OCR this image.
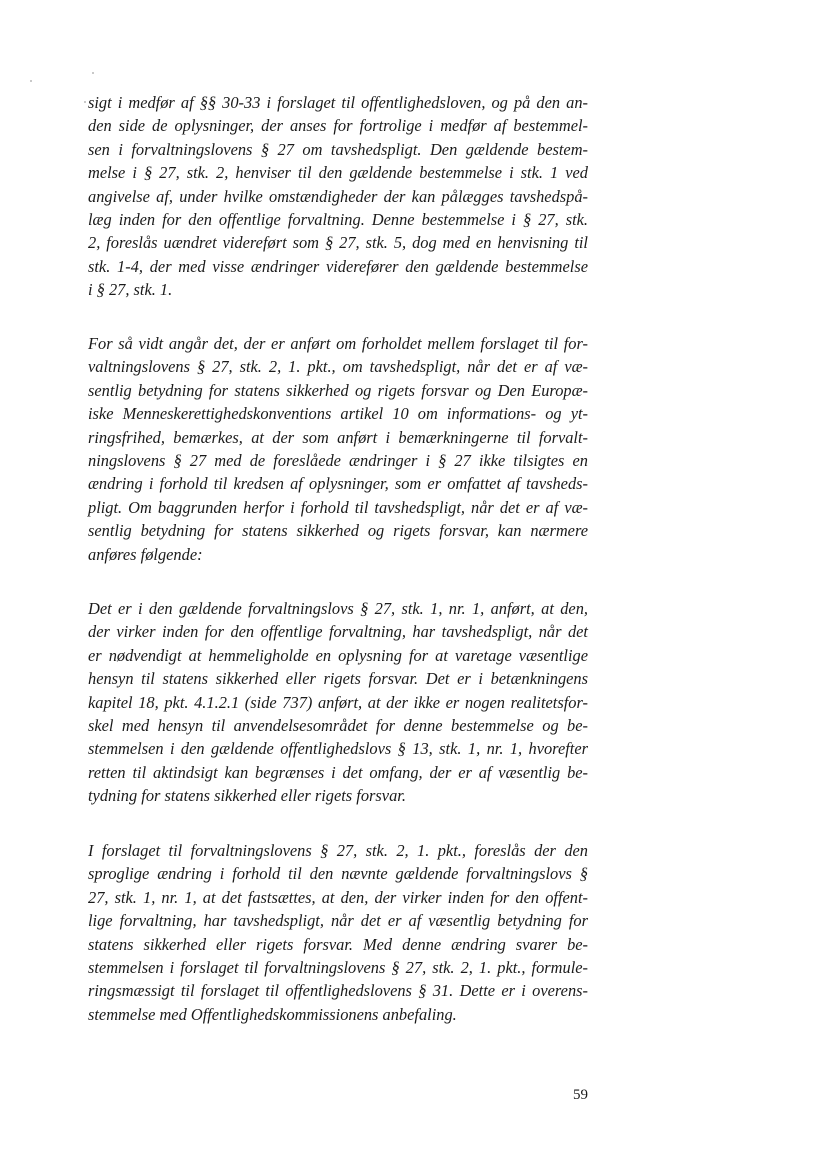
sigt i medfør af §§ 30-33 i forslaget til offentlighedsloven, og på den an-
den side de oplysninger, der anses for fortrolige i medfør af bestemmel-
sen i forvaltningslovens § 27 om tavshedspligt. Den gældende bestem-
melse i § 27, stk. 2, henviser til den gældende bestemmelse i stk. 1 ved
angivelse af, under hvilke omstændigheder der kan pålægges tavshedspå-
læg inden for den offentlige forvaltning. Denne bestemmelse i § 27, stk.
2, foreslås uændret videreført som § 27, stk. 5, dog med en henvisning til
stk. 1-4, der med visse ændringer viderefører den gældende bestemmelse
i § 27, stk. 1.
For så vidt angår det, der er anført om forholdet mellem forslaget til for-
valtningslovens § 27, stk. 2, 1. pkt., om tavshedspligt, når det er af væ-
sentlig betydning for statens sikkerhed og rigets forsvar og Den Europæ-
iske Menneskerettighedskonventions artikel 10 om informations- og yt-
ringsfrihed, bemærkes, at der som anført i bemærkningerne til forvalt-
ningslovens § 27 med de foreslåede ændringer i § 27 ikke tilsigtes en
ændring i forhold til kredsen af oplysninger, som er omfattet af tavsheds-
pligt. Om baggrunden herfor i forhold til tavshedspligt, når det er af væ-
sentlig betydning for statens sikkerhed og rigets forsvar, kan nærmere
anføres følgende:
Det er i den gældende forvaltningslovs § 27, stk. 1, nr. 1, anført, at den,
der virker inden for den offentlige forvaltning, har tavshedspligt, når det
er nødvendigt at hemmeligholde en oplysning for at varetage væsentlige
hensyn til statens sikkerhed eller rigets forsvar. Det er i betænkningens
kapitel 18, pkt. 4.1.2.1 (side 737) anført, at der ikke er nogen realitetsfor-
skel med hensyn til anvendelsesområdet for denne bestemmelse og be-
stemmelsen i den gældende offentlighedslovs § 13, stk. 1, nr. 1, hvorefter
retten til aktindsigt kan begrænses i det omfang, der er af væsentlig be-
tydning for statens sikkerhed eller rigets forsvar.
I forslaget til forvaltningslovens § 27, stk. 2, 1. pkt., foreslås der den
sproglige ændring i forhold til den nævnte gældende forvaltningslovs §
27, stk. 1, nr. 1, at det fastsættes, at den, der virker inden for den offent-
lige forvaltning, har tavshedspligt, når det er af væsentlig betydning for
statens sikkerhed eller rigets forsvar. Med denne ændring svarer be-
stemmelsen i forslaget til forvaltningslovens § 27, stk. 2, 1. pkt., formule-
ringsmæssigt til forslaget til offentlighedslovens § 31. Dette er i overens-
stemmelse med Offentlighedskommissionens anbefaling.
59
